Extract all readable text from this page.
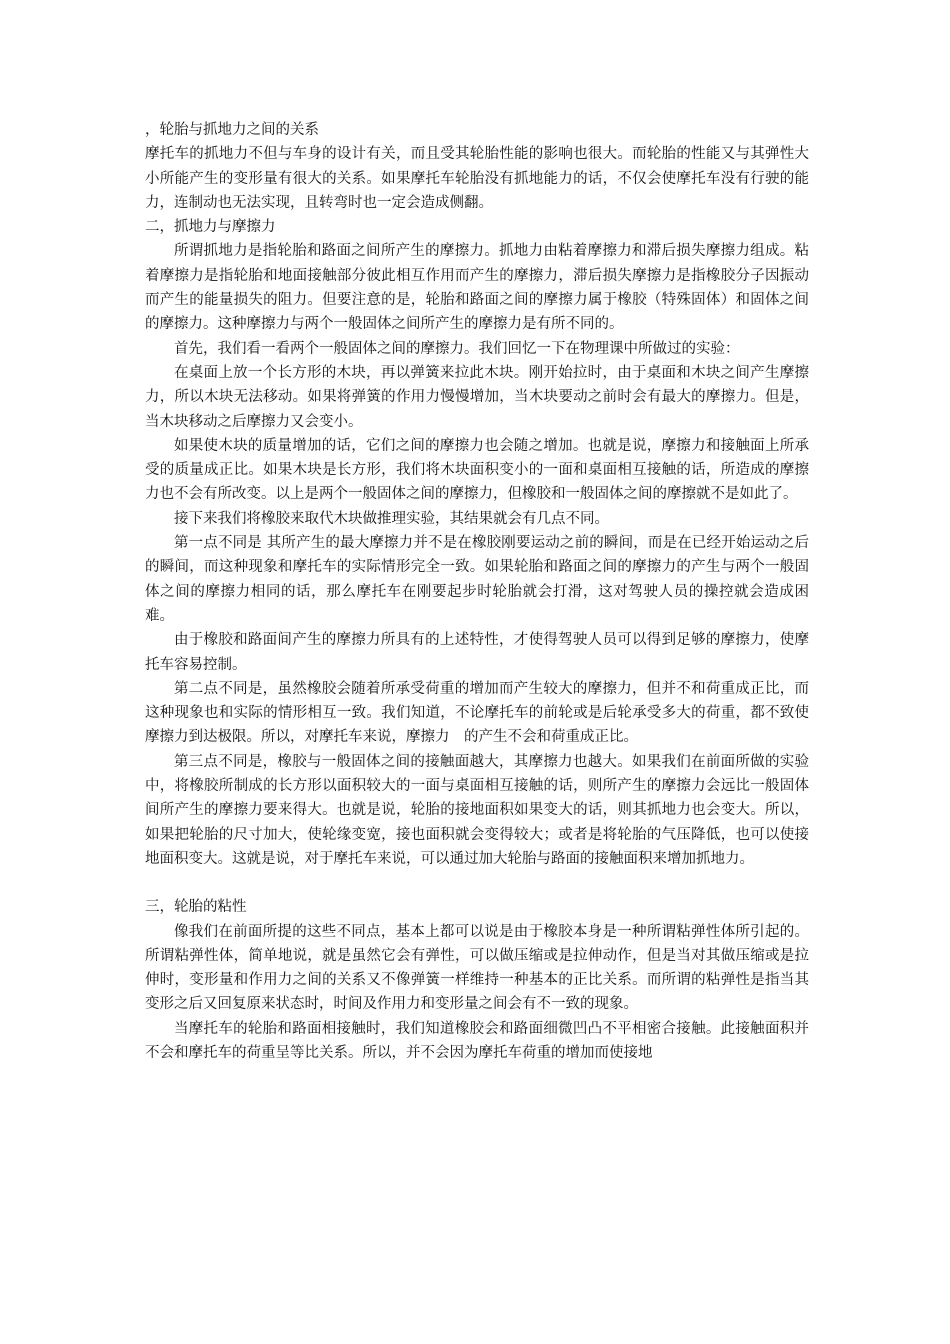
，轮胎与抓地力之间的关系

摩托车的抓地力不但与车身的设计有关，而且受其轮胎性能的影响也很大。而轮胎的性能又与其弹性大小所能产生的变形量有很大的关系。如果摩托车轮胎没有抓地能力的话，不仅会使摩托车没有行驶的能力，连制动也无法实现，且转弯时也一定会造成侧翻。

二，抓地力与摩擦力

所谓抓地力是指轮胎和路面之间所产生的摩擦力。抓地力由粘着摩擦力和滞后损失摩擦力组成。粘着摩擦力是指轮胎和地面接触部分彼此相互作用而产生的摩擦力，滞后损失摩擦力是指橡胶分子因振动而产生的能量损失的阻力。但要注意的是，轮胎和路面之间的摩擦力属于橡胶（特殊固体）和固体之间的摩擦力。这种摩擦力与两个一般固体之间所产生的摩擦力是有所不同的。

首先，我们看一看两个一般固体之间的摩擦力。我们回忆一下在物理课中所做过的实验：

在桌面上放一个长方形的木块，再以弹簧来拉此木块。刚开始拉时，由于桌面和木块之间产生摩擦力，所以木块无法移动。如果将弹簧的作用力慢慢增加，当木块要动之前时会有最大的摩擦力。但是，当木块移动之后摩擦力又会变小。

如果使木块的质量增加的话，它们之间的摩擦力也会随之增加。也就是说，摩擦力和接触面上所承受的质量成正比。如果木块是长方形，我们将木块面积变小的一面和桌面相互接触的话，所造成的摩擦力也不会有所改变。以上是两个一般固体之间的摩擦力，但橡胶和一般固体之间的摩擦就不是如此了。

接下来我们将橡胶来取代木块做推理实验，其结果就会有几点不同。

第一点不同是 其所产生的最大摩擦力并不是在橡胶刚要运动之前的瞬间，而是在已经开始运动之后的瞬间，而这种现象和摩托车的实际情形完全一致。如果轮胎和路面之间的摩擦力的产生与两个一般固体之间的摩擦力相同的话，那么摩托车在刚要起步时轮胎就会打滑，这对驾驶人员的操控就会造成困难。

由于橡胶和路面间产生的摩擦力所具有的上述特性，才使得驾驶人员可以得到足够的摩擦力，使摩托车容易控制。

第二点不同是，虽然橡胶会随着所承受荷重的增加而产生较大的摩擦力，但并不和荷重成正比，而这种现象也和实际的情形相互一致。我们知道，不论摩托车的前轮或是后轮承受多大的荷重，都不致使摩擦力到达极限。所以，对摩托车来说，摩擦力　的产生不会和荷重成正比。

第三点不同是，橡胶与一般固体之间的接触面越大，其摩擦力也越大。如果我们在前面所做的实验中，将橡胶所制成的长方形以面积较大的一面与桌面相互接触的话，则所产生的摩擦力会远比一般固体间所产生的摩擦力要来得大。也就是说，轮胎的接地面积如果变大的话，则其抓地力也会变大。所以，如果把轮胎的尺寸加大，使轮缘变宽，接也面积就会变得较大；或者是将轮胎的气压降低，也可以使接地面积变大。这就是说，对于摩托车来说，可以通过加大轮胎与路面的接触面积来增加抓地力。

三，轮胎的粘性

像我们在前面所提的这些不同点，基本上都可以说是由于橡胶本身是一种所谓粘弹性体所引起的。所谓粘弹性体，简单地说，就是虽然它会有弹性，可以做压缩或是拉伸动作，但是当对其做压缩或是拉伸时，变形量和作用力之间的关系又不像弹簧一样维持一种基本的正比关系。而所谓的粘弹性是指当其变形之后又回复原来状态时，时间及作用力和变形量之间会有不一致的现象。

当摩托车的轮胎和路面相接触时，我们知道橡胶会和路面细微凹凸不平相密合接触。此接触面积并不会和摩托车的荷重呈等比关系。所以，并不会因为摩托车荷重的增加而使接地
